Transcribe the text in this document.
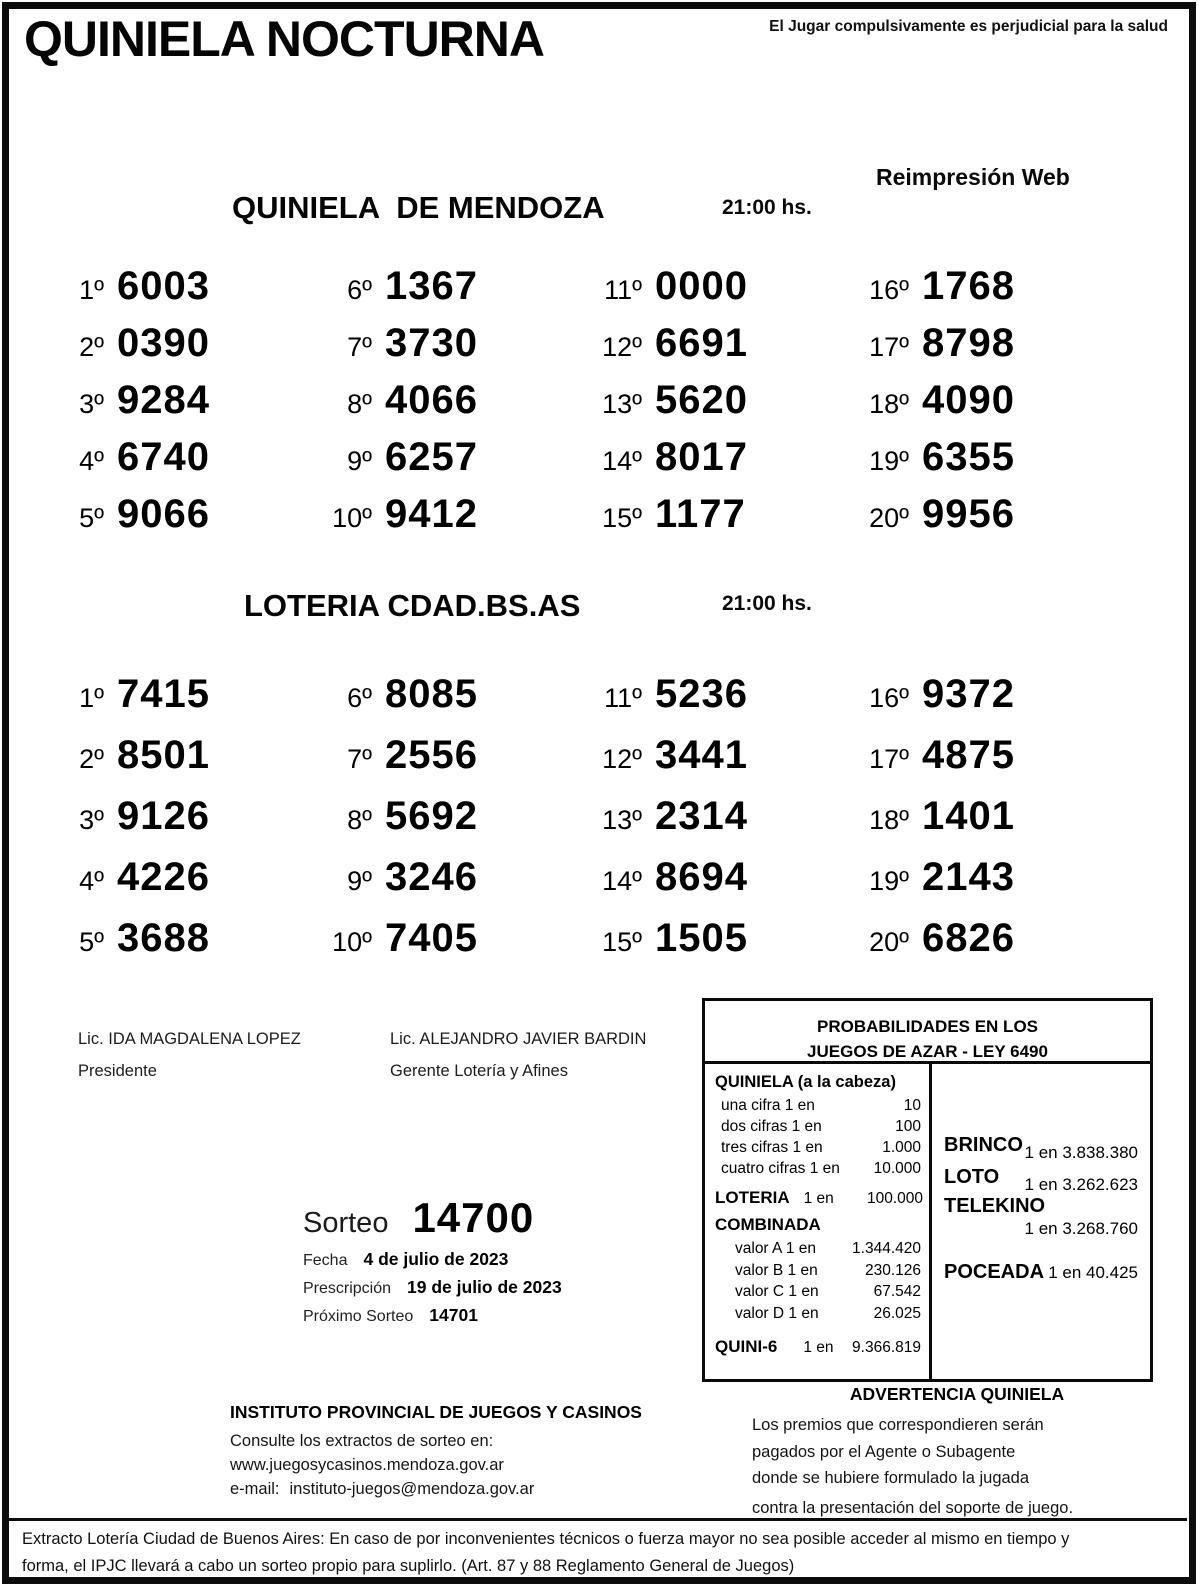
QUINIELA NOCTURNA	El Jugar compulsivamente es perjudicial para la salud
QUINIELA  DE MENDOZA	21:00 hs.
Reimpresión Web
1º 6003
2º 0390
3º 9284
4º 6740
5º 9066
6º 1367
7º 3730
8º 4066
9º 6257
10º 9412
11º 0000
12º 6691
13º 5620
14º 8017
15º 1177
16º 1768
17º 8798
18º 4090
19º 6355
20º 9956
LOTERIA CDAD.BS.AS	21:00 hs.
1º 7415
2º 8501
3º 9126
4º 4226
5º 3688
6º 8085
7º 2556
8º 5692
9º 3246
10º 7405
11º 5236
12º 3441
13º 2314
14º 8694
15º 1505
16º 9372
17º 4875
18º 1401
19º 2143
20º 6826
Lic. IDA MAGDALENA LOPEZ
Presidente
Lic. ALEJANDRO JAVIER BARDIN
Gerente Lotería y Afines
PROBABILIDADES EN LOS
JUEGOS DE AZAR - LEY 6490
QUINIELA (a la cabeza)
una cifra 1 en	10
dos cifras 1 en	100
tres cifras 1 en	1.000
cuatro cifras 1 en 10.000
LOTERIA 1 en 100.000
COMBINADA
valor A 1 en 1.344.420
valor B 1 en	230.126
valor C 1 en	67.542
valor D 1 en	26.025
QUINI-6 1 en 9.366.819
BRINCO 1 en 3.838.380
LOTO 1 en 3.262.623
TELEKINO
1 en 3.268.760
POCEADA 1 en 40.425
Sorteo 14700
Fecha 4 de julio de 2023
Prescripción 19 de julio de 2023
Próximo Sorteo 14701
INSTITUTO PROVINCIAL DE JUEGOS Y CASINOS
Consulte los extractos de sorteo en:
www.juegosycasinos.mendoza.gov.ar
e-mail: instituto-juegos@mendoza.gov.ar
ADVERTENCIA QUINIELA
Los premios que correspondieren serán
pagados por el Agente o Subagente
donde se hubiere formulado la jugada
contra la presentación del soporte de juego.
Extracto Lotería Ciudad de Buenos Aires: En caso de por inconvenientes técnicos o fuerza mayor no sea posible acceder al mismo en tiempo y
forma, el IPJC llevará a cabo un sorteo propio para suplirlo. (Art. 87 y 88 Reglamento General de Juegos)
